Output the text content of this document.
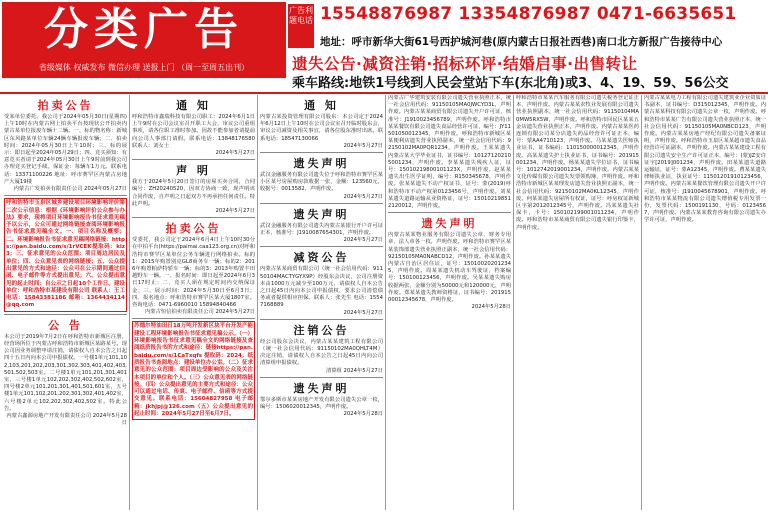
分类广告
省级媒体 权威发布 微信办理 送报上门 （周一至周五出刊）
广告利题电话 15548876987 13354876987 0471-6635651
地址：呼市新华大街61号西护城河巷(原内蒙古日报社西巷)南口北方新报广告接待中心
遗失公告·减资注销·招标环评·结婚启事·出售转让
乘车路线:地铁1号线到人民会堂站下车(东北角)或3、4、19、59、56公交
拍卖公告
受某单位委托，我公司于2024年05月30日(星期四)上午10时在内蒙古网上拍卖平台按现状公开拍卖内蒙古某单位报废车辆十二辆。一、标的物名称：新城区东风路某单位车辆24辆车辆报废车辆；二、拍卖时间：2024年05月30日上午10时；三、标的展示：即日起至2024年05月29日；四、竞买须知：有意竞买者请于2024年05月30日上午9时前到我公司办理竞买登记手续。保证金：每辆车1万元。联系电话：13371100226 地址：呼市赛罕区内蒙古房地产大厦19楼
内蒙古广发拍卖有限责任公司 2024年05月27日
呼和浩特市玉泉区城乡建设项目环境影响评价第二次公示信息：根据《环境影响评价公众参与办法》要求，现将项目环境影响报告书征求意见稿予以公示，公众可通过网络链接查阅环境影响报告书征求意见稿全文。一、项目名称及概要；二、环境影响报告书征求意见稿网络链接：https://pan.baidu.com/s/1rVCEK提取码：kiz3；三、征求意见的公众范围：项目周边居民及单位；四、公众意见表的网络链接；五、公众提出意见的方式和途径：公众可在公示期间通过信函、电子邮件等方式提出意见；六、公众提出意见的起止时间：自公示之日起10个工作日。建设单位：呼和浩特市某建设有限公司 联系人：王工 电话：15843381186 邮箱：1364434114@qq.com
公 告
本公司于2019年7月2日在呼和浩特市新城区注册，经营场所位于内蒙古呼和浩特市新城区某路某号。现公司因业务调整申请注销，请债权人自本公告之日起四十五日内向本公司申报债权。一号楼1单元101,102,103,201,202,203,301,302,303,401,402,403,501,502,503室。二号楼1单元101,201,301,401室，三号楼1单元102,202,302,402,502,602室，四号楼2单元101,201,301,401,501,601室，五号楼1单元101,102,201,202,301,302,401,402室，六号楼2单元102,202,302,402,502室。特此公告。
内蒙古鑫源房地产开发有限责任公司 2024年5月28日
通 知
呼和浩特市鑫瑞科技有限公司职工：2024年6月1日上午9时在公司会议室召开职工大会，审议公司重组事项，请各位职工准时参加。因故不能参加者请提前向公司人事部门请假。联系电话：13848176580 联系人：刘女士
2024年5月27日
声 明
我方于2024年5月20日签订的房屋买卖合同，合同编号：ZH20240520，因双方协商一致，现声明该合同作废，自声明之日起双方不再承担任何责任。特此声明。
2024年5月27日
拍卖公告
受委托，我公司定于2024年6月4日上午10时30分在中拍平台(https://paimai.caa123.org.cn)对呼和浩特市赛罕区某单位公务车辆进行网络拍卖。标的1：2015年购置别克GL8商务车一辆；标的2：2016年购置帕萨特轿车一辆；标的3：2013年购置丰田越野车一辆。一、报名时间：即日起至2024年6月3日17时止；二、竞买人须在规定时间内交纳保证金；三、展示时间：2024年5月30日至6月3日；四、报名地点：呼和浩特市赛罕区某大厦1807室。咨询电话：0471-6960010 15894840466
内蒙古恒信拍卖有限责任公司 2024年5月27日
苏德尔特油田日18万吨开发新区块平台开发产能建设工程环境影响报告书征求意见稿公示。（一）环境影响报告书征求意见稿全文的网络链接及查阅纸质报告书的方式和途径：链接https://pan.baidu.com/s/1CaTxqfs 提取码：2024；纸质报告书查阅地点：建设单位办公室。（二）征求意见的公众范围：项目周边受影响的公众及关注本项目的单位和个人。（三）公众意见表的网络链接。（四）公众提出意见的主要方式和途径：公众可以通过电话、传真、电子邮件、信函等方式提交意见。联系电话：15604827958 电子邮箱：jkhjpj@126.com（五）公众提出意见的起止时间：2024年5月27日至6月7日。
通 知
内蒙古某投资管理有限公司股东：本公司定于2024年6月12日上午10时在公司会议室召开临时股东会，审议公司减资及相关事宜，请各位股东准时出席。联系电话：18547130066
2024年5月27日
遗失声明
武汉金融服务有限公司遗失位于呼和浩特市赛罕区某小区某号房屋购房款收据一张，金额：123560元，收据号：0013582，声明作废。
2024年5月27日
遗失声明
武汉金融服务有限公司遗失内蒙古某银行开户许可证正本，核准号：J1910087654301，声明作废。
2024年5月27日
减资公告
内蒙古某某商贸有限公司（统一社会信用代码：91150104MACTYGYX9P）经股东会决议，公司注册资本由1000万元减少至100万元，请债权人自本公告之日起45日内向本公司申报债权，要求公司清偿债务或者提供相应担保。联系人：张先生 电话：15547168889
2024年5月27日
注销公告
经公司股东会决议，内蒙古某某建筑工程有限公司（统一社会信用代码：91150102MA0QHLT4M）决定注销，请债权人自本公告之日起45日内向公司清算组申报债权。
清算组 2024年5月27日
遗失声明
鄂尔多斯市某某房地产开发有限公司遗失公章一枚，编号：1506020012345，声明作废。
2024年5月28日
内蒙古广华建筑安装有限公司遗失营业执照正本，统一社会信用代码：91150105MA0JWCYD3L，声明作废。内蒙古某某商贸有限公司遗失开户许可证，核准号：J1910023456789，声明作废。呼和浩特市某某餐饮有限公司遗失食品经营许可证，编号：JY11501050012345，声明作废。呼和浩特市新城区某某便利店遗失营业执照副本，统一社会信用代码：92150102MA0PQR1234，声明作废。王某某遗失内蒙古某大学毕业证书，证书编号：101271202105001234，声明作废。李某某遗失残疾人证，证号：15010219800101123X，声明作废。赵某某遗失出生医学证明，编号：R150345678，声明作废。张某某遗失不动产权证书，证号：蒙(2019)呼和浩特市不动产权第0123456号，声明作废。刘某某遗失道路运输从业资格证，证号：150102198512120012，声明作废。
遗失声明
内蒙古某某物业服务有限公司遗失公章、财务专用章、法人章各一枚，声明作废。呼和浩特市赛罕区某某装饰部遗失营业执照正副本，统一社会信用代码：92150105MA0NABCD12，声明作废。孙某某遗失内蒙古自治区居住证，证号：150100202012345，声明作废。周某某遗失机动车驾驶证，档案编号：150100123456，声明作废。吴某某遗失购房收据两张，金额分别为50000元和120000元，声明作废。郑某某遗失教师资格证，证书编号：20191500012345678，声明作废。
2024年5月28日
呼和浩特市某某汽车服务有限公司遗失税务登记证正本，声明作废。内蒙古某某农牧业发展有限公司遗失营业执照副本，统一社会信用代码：91150104MA0MW5RX5W，声明作废。呼和浩特市回民区某某五金店遗失营业执照正本，声明作废。内蒙古某某医药连锁有限公司某分店遗失药品经营许可证正本，编号：蒙AA4710123，声明作废。马某某遗失医师执业证书，证书编码：110150000012345，声明作废。高某某遗失护士执业证书，证书编号：201915001234，声明作废。杨某某遗失学位证书，证书编号：1012742019001234，声明作废。内蒙古某某文化传媒有限公司遗失发票领购簿，声明作废。呼和浩特市新城区某某理发店遗失营业执照正副本，统一社会信用代码：92150102MA0KL12345，声明作废。何某某遗失房屋所有权证，证号：呼房权证新城区字第2012012345号，声明作废。冯某某遗失社保卡，卡号：150102199001011234，声明作废。呼和浩特市某某商贸有限公司遗失银行印鉴卡，声明作废。
内蒙古某某电力工程有限公司遗失建筑业企业资质证书副本，证书编号：D315012345，声明作废。内蒙古某某科技有限公司遗失公章一枚，声明作废。呼和浩特市某某广告有限公司遗失营业执照正本，统一社会信用代码：91150105MA0NBCD123，声明作废。内蒙古某某房地产经纪有限公司遗失备案证明，声明作废。呼和浩特市玉泉区某某超市遗失食品经营许可证副本，声明作废。内蒙古某某建设工程有限公司遗失安全生产许可证正本，编号：(蒙)JZ安许证字[2019]001234，声明作废。田某某遗失道路运输证，证号：蒙A12345，声明作废。曹某某遗失律师执业证，执业证号：11501201910123456，声明作废。内蒙古某某餐饮管理有限公司遗失开户许可证，核准号：J1910045678901，声明作废。呼和浩特市某某物流有限公司遗失增值税专用发票一份，发票代码：1500191130，号码：01234567，声明作废。内蒙古某某教育咨询有限公司遗失办学许可证，声明作废。
